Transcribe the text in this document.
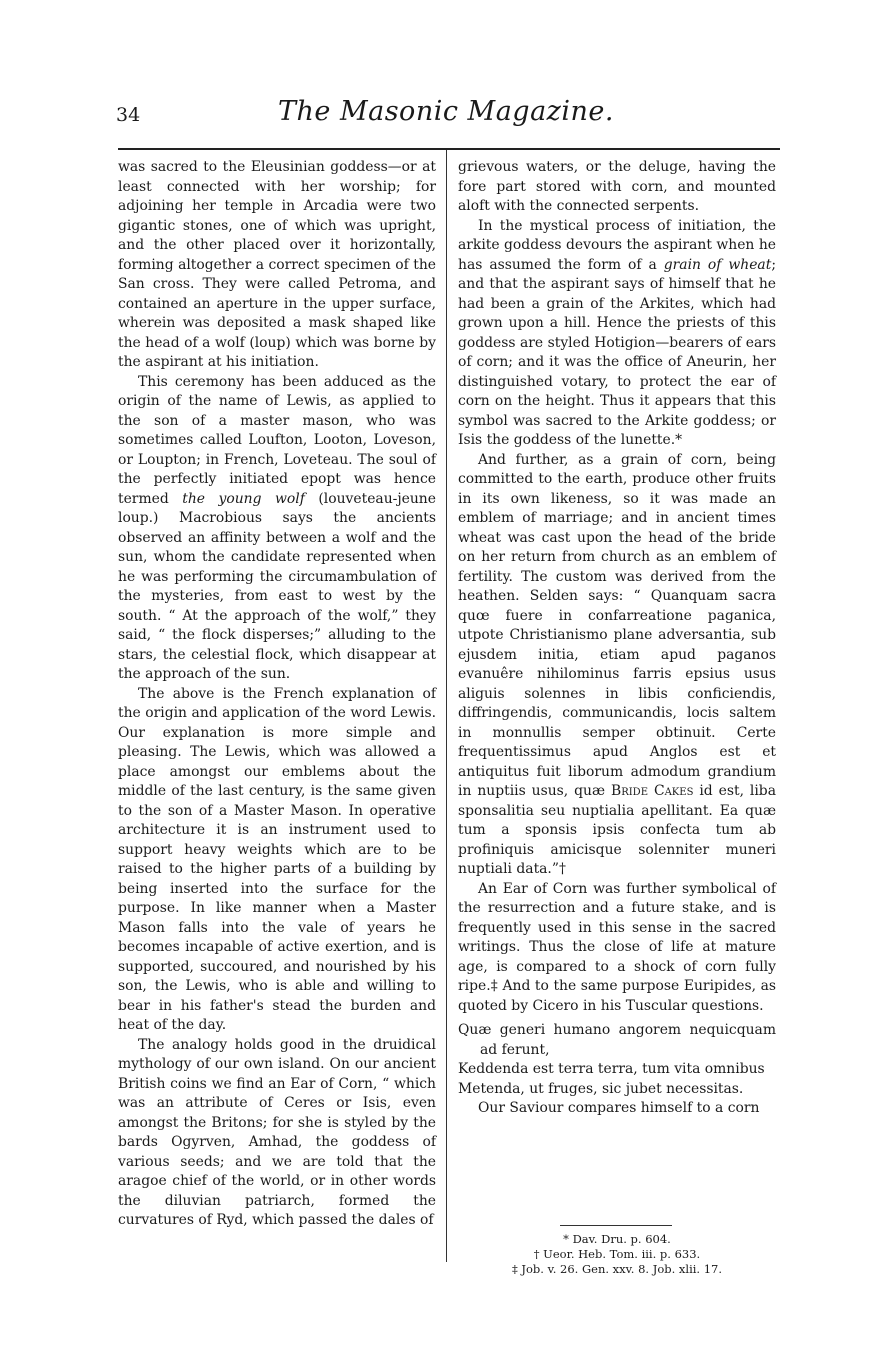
34	The Masonic Magazine.

was sacred to the Eleusinian goddess—or at least connected with her worship; for adjoining her temple in Arcadia were two gigantic stones, one of which was upright, and the other placed over it horizontally, forming altogether a correct specimen of the San cross. They were called Petroma, and contained an aperture in the upper surface, wherein was deposited a mask shaped like the head of a wolf (loup) which was borne by the aspirant at his initiation.

This ceremony has been adduced as the origin of the name of Lewis, as applied to the son of a master mason, who was sometimes called Loufton, Looton, Loveson, or Loupton; in French, Loveteau. The soul of the perfectly initiated epopt was hence termed the young wolf (louveteau-jeune loup.) Macrobious says the ancients observed an affinity between a wolf and the sun, whom the candidate represented when he was performing the circumambulation of the mysteries, from east to west by the south. “ At the approach of the wolf,” they said, “ the flock disperses;” alluding to the stars, the celestial flock, which disappear at the approach of the sun.

The above is the French explanation of the origin and application of the word Lewis. Our explanation is more simple and pleasing. The Lewis, which was allowed a place amongst our emblems about the middle of the last century, is the same given to the son of a Master Mason. In operative architecture it is an instrument used to support heavy weights which are to be raised to the higher parts of a building by being inserted into the surface for the purpose. In like manner when a Master Mason falls into the vale of years he becomes incapable of active exertion, and is supported, succoured, and nourished by his son, the Lewis, who is able and willing to bear in his father's stead the burden and heat of the day.

The analogy holds good in the druidical mythology of our own island. On our ancient British coins we find an Ear of Corn, “ which was an attribute of Ceres or Isis, even amongst the Britons; for she is styled by the bards Ogyrven, Amhad, the goddess of various seeds; and we are told that the aragoe chief of the world, or in other words the diluvian patriarch, formed the curvatures of Ryd, which passed the dales of

grievous waters, or the deluge, having the fore part stored with corn, and mounted aloft with the connected serpents.

In the mystical process of initiation, the arkite goddess devours the aspirant when he has assumed the form of a grain of wheat; and that the aspirant says of himself that he had been a grain of the Arkites, which had grown upon a hill. Hence the priests of this goddess are styled Hotigion—bearers of ears of corn; and it was the office of Aneurin, her distinguished votary, to protect the ear of corn on the height. Thus it appears that this symbol was sacred to the Arkite goddess; or Isis the goddess of the lunette.*

And further, as a grain of corn, being committed to the earth, produce other fruits in its own likeness, so it was made an emblem of marriage; and in ancient times wheat was cast upon the head of the bride on her return from church as an emblem of fertility. The custom was derived from the heathen. Selden says: “ Quanquam sacra quœ fuere in confarreatione paganica, utpote Christianismo plane adversantia, sub ejusdem initia, etiam apud paganos evanuêre nihilominus farris epsius usus aliguis solennes in libis conficiendis, diffringendis, communicandis, locis saltem in monnullis semper obtinuit. Certe frequentissimus apud Anglos est et antiquitus fuit liborum admodum grandium in nuptiis usus, quæ Bride Cakes id est, liba sponsalitia seu nuptialia apellitant. Ea quæ tum a sponsis ipsis confecta tum ab profiniquis amicisque solenniter muneri nuptiali data.”†

An Ear of Corn was further symbolical of the resurrection and a future stake, and is frequently used in this sense in the sacred writings. Thus the close of life at mature age, is compared to a shock of corn fully ripe.‡ And to the same purpose Euripides, as quoted by Cicero in his Tuscular questions.

Quæ generi humano angorem nequicquam ad ferunt,
Keddenda est terra terra, tum vita omnibus
Metenda, ut fruges, sic jubet necessitas.

Our Saviour compares himself to a corn

* Dav. Dru. p. 604.
† Ueor. Heb. Tom. iii. p. 633.
‡ Job. v. 26. Gen. xxv. 8. Job. xlii. 17.
